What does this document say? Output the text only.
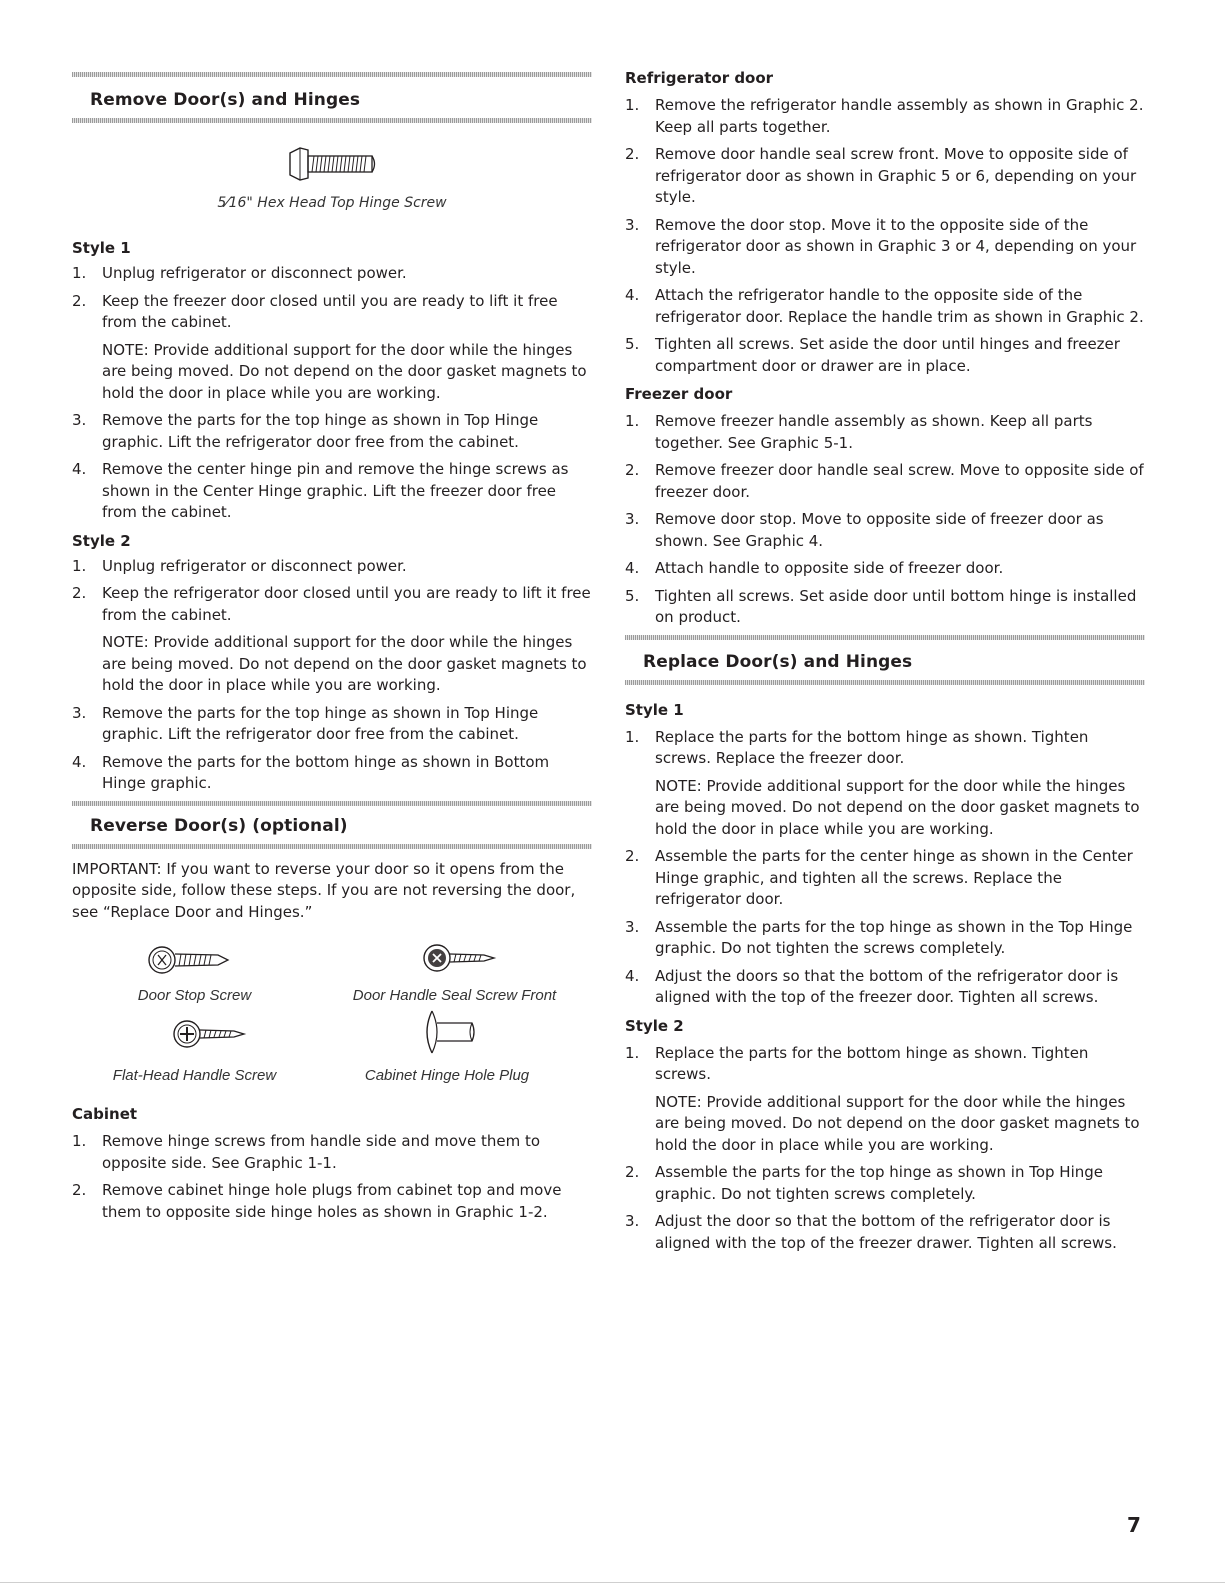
Remove Door(s) and Hinges
5⁄16" Hex Head Top Hinge Screw
Style 1
1. Unplug refrigerator or disconnect power.
2. Keep the freezer door closed until you are ready to lift it free from the cabinet.
NOTE: Provide additional support for the door while the hinges are being moved. Do not depend on the door gasket magnets to hold the door in place while you are working.
3. Remove the parts for the top hinge as shown in Top Hinge graphic. Lift the refrigerator door free from the cabinet.
4. Remove the center hinge pin and remove the hinge screws as shown in the Center Hinge graphic. Lift the freezer door free from the cabinet.
Style 2
1. Unplug refrigerator or disconnect power.
2. Keep the refrigerator door closed until you are ready to lift it free from the cabinet.
NOTE: Provide additional support for the door while the hinges are being moved. Do not depend on the door gasket magnets to hold the door in place while you are working.
3. Remove the parts for the top hinge as shown in Top Hinge graphic. Lift the refrigerator door free from the cabinet.
4. Remove the parts for the bottom hinge as shown in Bottom Hinge graphic.
Reverse Door(s) (optional)

IMPORTANT: If you want to reverse your door so it opens from the opposite side, follow these steps. If you are not reversing the door, see “Replace Door and Hinges.”

Door Stop Screw	Door Handle Seal Screw Front
Flat-Head Handle Screw	Cabinet Hinge Hole Plug
Cabinet
1. Remove hinge screws from handle side and move them to opposite side. See Graphic 1-1.
2. Remove cabinet hinge hole plugs from cabinet top and move them to opposite side hinge holes as shown in Graphic 1-2.
Refrigerator door
1. Remove the refrigerator handle assembly as shown in Graphic 2. Keep all parts together.
2. Remove door handle seal screw front. Move to opposite side of refrigerator door as shown in Graphic 5 or 6, depending on your style.
3. Remove the door stop. Move it to the opposite side of the refrigerator door as shown in Graphic 3 or 4, depending on your style.
4. Attach the refrigerator handle to the opposite side of the refrigerator door. Replace the handle trim as shown in Graphic 2.
5. Tighten all screws. Set aside the door until hinges and freezer compartment door or drawer are in place.
Freezer door
1. Remove freezer handle assembly as shown. Keep all parts together. See Graphic 5-1.
2. Remove freezer door handle seal screw. Move to opposite side of freezer door.
3. Remove door stop. Move to opposite side of freezer door as shown. See Graphic 4.
4. Attach handle to opposite side of freezer door.
5. Tighten all screws. Set aside door until bottom hinge is installed on product.
Replace Door(s) and Hinges
Style 1
1. Replace the parts for the bottom hinge as shown. Tighten screws. Replace the freezer door.
NOTE: Provide additional support for the door while the hinges are being moved. Do not depend on the door gasket magnets to hold the door in place while you are working.
2. Assemble the parts for the center hinge as shown in the Center Hinge graphic, and tighten all the screws. Replace the refrigerator door.
3. Assemble the parts for the top hinge as shown in the Top Hinge graphic. Do not tighten the screws completely.
4. Adjust the doors so that the bottom of the refrigerator door is aligned with the top of the freezer door. Tighten all screws.
Style 2
1. Replace the parts for the bottom hinge as shown. Tighten screws.
NOTE: Provide additional support for the door while the hinges are being moved. Do not depend on the door gasket magnets to hold the door in place while you are working.
2. Assemble the parts for the top hinge as shown in Top Hinge graphic. Do not tighten screws completely.
3. Adjust the door so that the bottom of the refrigerator door is aligned with the top of the freezer drawer. Tighten all screws.
7
